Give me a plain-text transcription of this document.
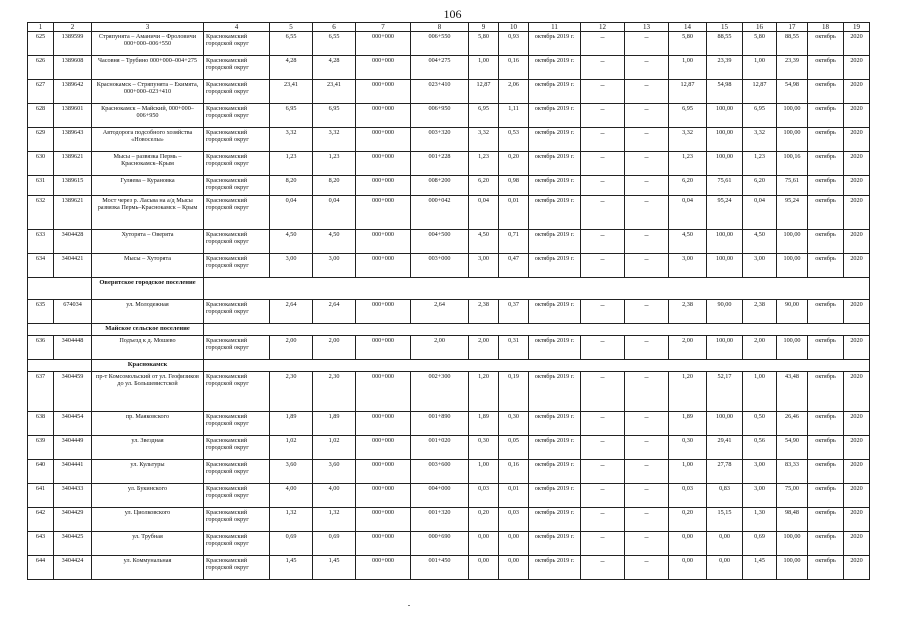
106
1	2	3	4	5	6	7	8	9	10	11	12	13	14	15	16	17	18	19
625	1389599	Стряпунята – Аманичи – Фроловичи 000+000–006+550	Краснокамский городской округ	6,55	6,55	000+000	006+550	5,80	0,93	октябрь 2019 г.	–	–	5,80	88,55	5,80	88,55	октябрь	2020
626	1389608	Часовня – Трубино 000+000–004+275	Краснокамский городской округ	4,28	4,28	000+000	004+275	1,00	0,16	октябрь 2019 г.	–	–	1,00	23,39	1,00	23,39	октябрь	2020
627	1389642	Краснокамск – Стряпунята – Екимята, 000+000–023+410	Краснокамский городской округ	23,41	23,41	000+000	023+410	12,87	2,06	октябрь 2019 г.	–	–	12,87	54,98	12,87	54,98	октябрь	2020
628	1389601	Краснокамск – Майский, 000+000–006+950	Краснокамский городской округ	6,95	6,95	000+000	006+950	6,95	1,11	октябрь 2019 г.	–	–	6,95	100,00	6,95	100,00	октябрь	2020
629	1389643	Автодорога подсобного хозяйства «Новоселы»	Краснокамский городской округ	3,32	3,32	000+000	003+320	3,32	0,53	октябрь 2019 г.	–	–	3,32	100,00	3,32	100,00	октябрь	2020
630	1389621	Мысы – развязка Пермь – Краснокамск–Крым	Краснокамский городской округ	1,23	1,23	000+000	001+228	1,23	0,20	октябрь 2019 г.	–	–	1,23	100,00	1,23	100,16	октябрь	2020
631	1389615	Гуляева – Курановка	Краснокамский городской округ	8,20	8,20	000+000	008+200	6,20	0,98	октябрь 2019 г.	–	–	6,20	75,61	6,20	75,61	октябрь	2020
632	1389621	Мост через р. Ласьва на а/д Мысы развязка Пермь–Краснокамск – Крым	Краснокамский городской округ	0,04	0,04	000+000	000+042	0,04	0,01	октябрь 2019 г.	–	–	0,04	95,24	0,04	95,24	октябрь	2020
633	3404428	Хуторята – Оверята	Краснокамский городской округ	4,50	4,50	000+000	004+500	4,50	0,71	октябрь 2019 г.	–	–	4,50	100,00	4,50	100,00	октябрь	2020
634	3404421	Мысы – Хуторята	Краснокамский городской округ	3,00	3,00	000+000	003+000	3,00	0,47	октябрь 2019 г.	–	–	3,00	100,00	3,00	100,00	октябрь	2020
		Оверятское городское поселение																
635	674034	ул. Молодежная	Краснокамский городской округ	2,64	2,64	000+000	2,64	2,38	0,37	октябрь 2019 г.	–	–	2,38	90,00	2,38	90,00	октябрь	2020
		Майское сельское поселение																
636	3404448	Подъезд к д. Мошево	Краснокамский городской округ	2,00	2,00	000+000	2,00	2,00	0,31	октябрь 2019 г.	–	–	2,00	100,00	2,00	100,00	октябрь	2020
		Краснокамск																
637	3404459	пр-т Комсомольский от ул. Геофизиков до ул. Большевистской	Краснокамский городской округ	2,30	2,30	000+000	002+300	1,20	0,19	октябрь 2019 г.	–	–	1,20	52,17	1,00	43,48	октябрь	2020
638	3404454	пр. Маяковского	Краснокамский городской округ	1,89	1,89	000+000	001+890	1,89	0,30	октябрь 2019 г.	–	–	1,89	100,00	0,50	26,46	октябрь	2020
639	3404449	ул. Звездная	Краснокамский городской округ	1,02	1,02	000+000	001+020	0,30	0,05	октябрь 2019 г.	–	–	0,30	29,41	0,56	54,90	октябрь	2020
640	3404441	ул. Культуры	Краснокамский городской округ	3,60	3,60	000+000	003+600	1,00	0,16	октябрь 2019 г.	–	–	1,00	27,78	3,00	83,33	октябрь	2020
641	3404433	ул. Букинского	Краснокамский городской округ	4,00	4,00	000+000	004+000	0,03	0,01	октябрь 2019 г.	–	–	0,03	0,83	3,00	75,00	октябрь	2020
642	3404429	ул. Циолковского	Краснокамский городской округ	1,32	1,32	000+000	001+320	0,20	0,03	октябрь 2019 г.	–	–	0,20	15,15	1,30	98,48	октябрь	2020
643	3404425	ул. Трубная	Краснокамский городской округ	0,69	0,69	000+000	000+690	0,00	0,00	октябрь 2019 г.	–	–	0,00	0,00	0,69	100,00	октябрь	2020
644	3404424	ул. Коммунальная	Краснокамский городской округ	1,45	1,45	000+000	001+450	0,00	0,00	октябрь 2019 г.	–	–	0,00	0,00	1,45	100,00	октябрь	2020
